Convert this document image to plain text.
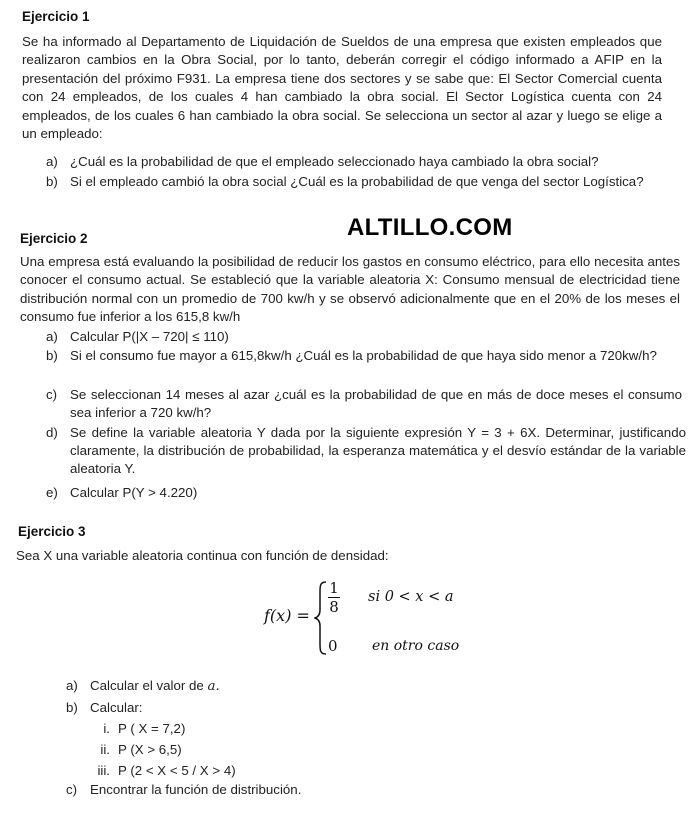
Ejercicio 1
Se ha informado al Departamento de Liquidación de Sueldos de una empresa que existen empleados que realizaron cambios en la Obra Social, por lo tanto, deberán corregir el código informado a AFIP en la presentación del próximo F931. La empresa tiene dos sectores y se sabe que: El Sector Comercial cuenta con 24 empleados, de los cuales 4 han cambiado la obra social. El Sector Logística cuenta con 24 empleados, de los cuales 6 han cambiado la obra social. Se selecciona un sector al azar y luego se elige a un empleado:
a) ¿Cuál es la probabilidad de que el empleado seleccionado haya cambiado la obra social?
b) Si el empleado cambió la obra social ¿Cuál es la probabilidad de que venga del sector Logística?
ALTILLO.COM
Ejercicio 2
Una empresa está evaluando la posibilidad de reducir los gastos en consumo eléctrico, para ello necesita antes conocer el consumo actual. Se estableció que la variable aleatoria X: Consumo mensual de electricidad tiene distribución normal con un promedio de 700 kw/h y se observó adicionalmente que en el 20% de los meses el consumo fue inferior a los 615,8 kw/h
a) Calcular P(|X – 720| ≤ 110)
b) Si el consumo fue mayor a 615,8kw/h ¿Cuál es la probabilidad de que haya sido menor a 720kw/h?
c) Se seleccionan 14 meses al azar ¿cuál es la probabilidad de que en más de doce meses el consumo sea inferior a 720 kw/h?
d) Se define la variable aleatoria Y dada por la siguiente expresión Y = 3 + 6X. Determinar, justificando claramente, la distribución de probabilidad, la esperanza matemática y el desvío estándar de la variable aleatoria Y.
e) Calcular P(Y > 4.220)
Ejercicio 3
Sea X una variable aleatoria continua con función de densidad:
f(x) =
1
8
si 0 < x < a
0 en otro caso
a) Calcular el valor de a.
b) Calcular:
i. P ( X = 7,2)
ii. P (X > 6,5)
iii. P (2 < X < 5 / X > 4)
c) Encontrar la función de distribución.
